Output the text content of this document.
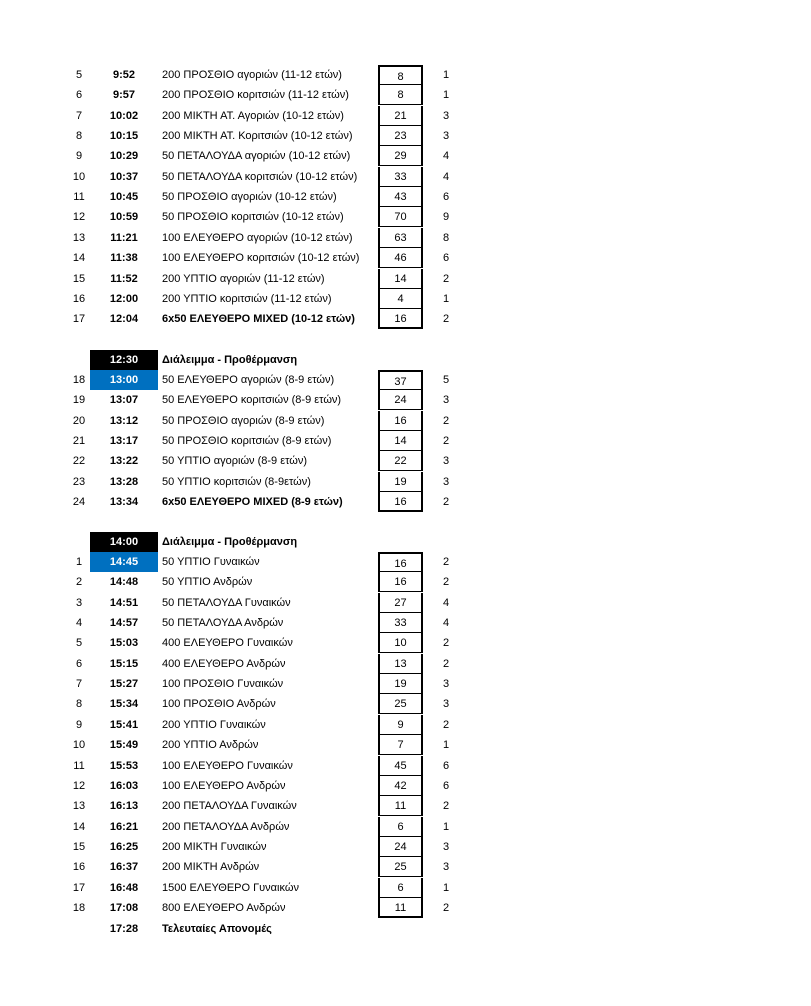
5	9:52	200 ΠΡΟΣΘΙΟ αγοριών (11-12 ετών)	8	1
6	9:57	200 ΠΡΟΣΘΙΟ κοριτσιών (11-12 ετών)	8	1
7	10:02	200 ΜΙΚΤΗ ΑΤ. Αγοριών (10-12 ετών)	21	3
8	10:15	200 ΜΙΚΤΗ ΑΤ. Κοριτσιών (10-12 ετών)	23	3
9	10:29	50 ΠΕΤΑΛΟΥΔΑ αγοριών (10-12 ετών)	29	4
10	10:37	50 ΠΕΤΑΛΟΥΔΑ κοριτσιών (10-12 ετών)	33	4
11	10:45	50 ΠΡΟΣΘΙΟ αγοριών (10-12 ετών)	43	6
12	10:59	50 ΠΡΟΣΘΙΟ κοριτσιών (10-12 ετών)	70	9
13	11:21	100 ΕΛΕΥΘΕΡΟ αγοριών (10-12 ετών)	63	8
14	11:38	100 ΕΛΕΥΘΕΡΟ κοριτσιών (10-12 ετών)	46	6
15	11:52	200 ΥΠΤΙΟ αγοριών (11-12 ετών)	14	2
16	12:00	200 ΥΠΤΙΟ κοριτσιών (11-12 ετών)	4	1
17	12:04	6x50 ΕΛΕΥΘΕΡΟ MIXED (10-12 ετών)	16	2
12:30	Διάλειμμα - Προθέρμανση
18	13:00	50 ΕΛΕΥΘΕΡΟ αγοριών (8-9 ετών)	37	5
19	13:07	50 ΕΛΕΥΘΕΡΟ κοριτσιών (8-9 ετών)	24	3
20	13:12	50 ΠΡΟΣΘΙΟ αγοριών (8-9 ετών)	16	2
21	13:17	50 ΠΡΟΣΘΙΟ κοριτσιών (8-9 ετών)	14	2
22	13:22	50 ΥΠΤΙΟ αγοριών (8-9 ετών)	22	3
23	13:28	50 ΥΠΤΙΟ κοριτσιών (8-9ετών)	19	3
24	13:34	6x50 ΕΛΕΥΘΕΡΟ MIXED (8-9 ετών)	16	2
14:00	Διάλειμμα - Προθέρμανση
1	14:45	50 ΥΠΤΙΟ Γυναικών	16	2
2	14:48	50 ΥΠΤΙΟ Ανδρών	16	2
3	14:51	50 ΠΕΤΑΛΟΥΔΑ Γυναικών	27	4
4	14:57	50 ΠΕΤΑΛΟΥΔΑ Ανδρών	33	4
5	15:03	400 ΕΛΕΥΘΕΡΟ Γυναικών	10	2
6	15:15	400 ΕΛΕΥΘΕΡΟ Ανδρών	13	2
7	15:27	100 ΠΡΟΣΘΙΟ Γυναικών	19	3
8	15:34	100 ΠΡΟΣΘΙΟ Ανδρών	25	3
9	15:41	200 ΥΠΤΙΟ Γυναικών	9	2
10	15:49	200 ΥΠΤΙΟ Ανδρών	7	1
11	15:53	100 ΕΛΕΥΘΕΡΟ Γυναικών	45	6
12	16:03	100 ΕΛΕΥΘΕΡΟ Ανδρών	42	6
13	16:13	200 ΠΕΤΑΛΟΥΔΑ Γυναικών	11	2
14	16:21	200 ΠΕΤΑΛΟΥΔΑ Ανδρών	6	1
15	16:25	200 ΜΙΚΤΗ Γυναικών	24	3
16	16:37	200 ΜΙΚΤΗ Ανδρών	25	3
17	16:48	1500 ΕΛΕΥΘΕΡΟ Γυναικών	6	1
18	17:08	800 ΕΛΕΥΘΕΡΟ Ανδρών	11	2
17:28	Τελευταίες Απονομές
